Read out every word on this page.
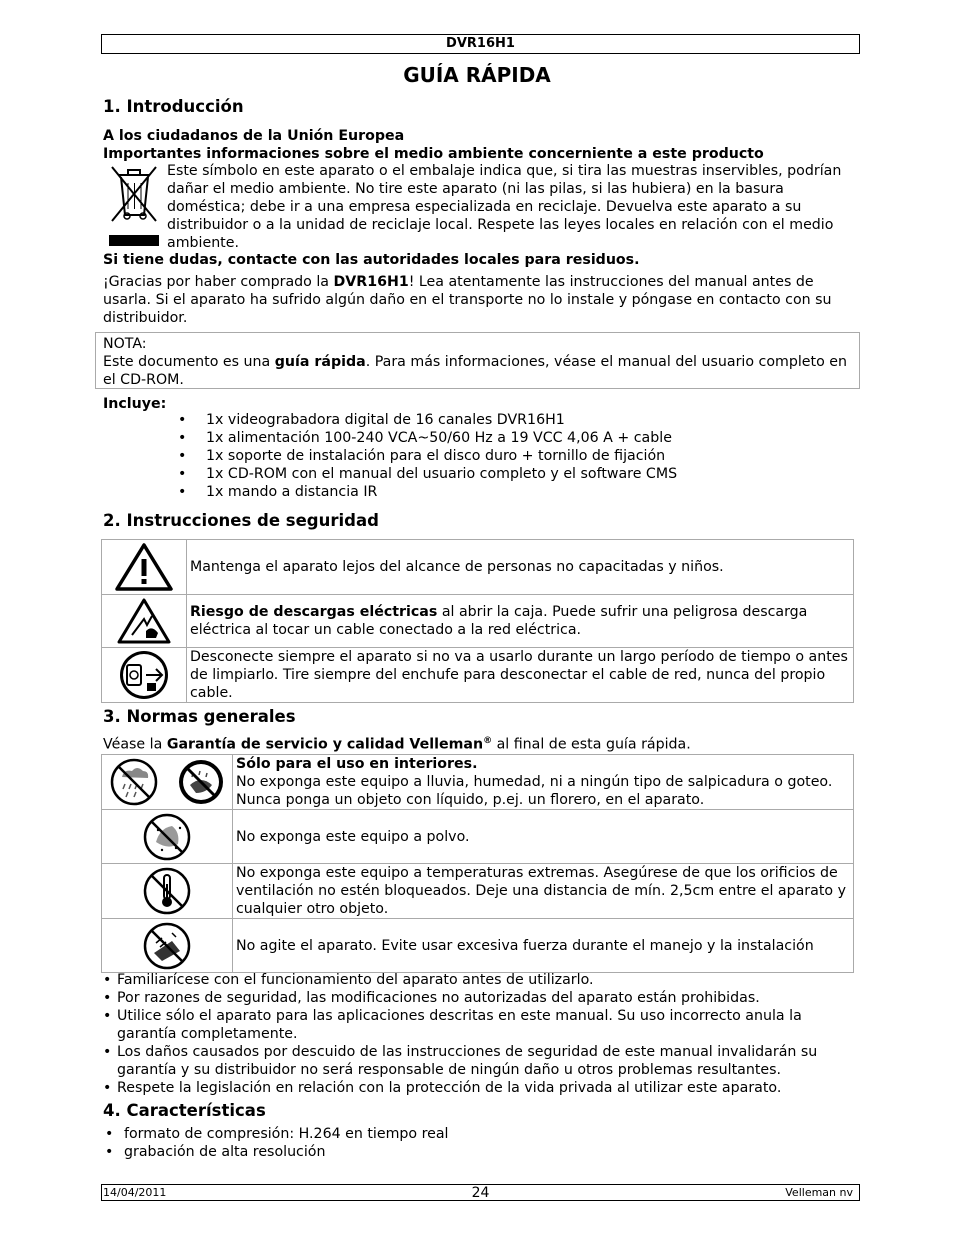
DVR16H1
GUÍA RÁPIDA
1. Introducción

A los ciudadanos de la Unión Europea

Importantes informaciones sobre el medio ambiente concerniente a este producto

Este símbolo en este aparato o el embalaje indica que, si tira las muestras inservibles, podrían dañar el medio ambiente. No tire este aparato (ni las pilas, si las hubiera) en la basura doméstica; debe ir a una empresa especializada en reciclaje. Devuelva este aparato a su distribuidor o a la unidad de reciclaje local. Respete las leyes locales en relación con el medio ambiente.

Si tiene dudas, contacte con las autoridades locales para residuos.

¡Gracias por haber comprado la DVR16H1! Lea atentamente las instrucciones del manual antes de usarla. Si el aparato ha sufrido algún daño en el transporte no lo instale y póngase en contacto con su distribuidor.

NOTA:
Este documento es una guía rápida. Para más informaciones, véase el manual del usuario completo en el CD-ROM.

Incluye:

• 1x videograbadora digital de 16 canales DVR16H1
• 1x alimentación 100-240 VCA~50/60 Hz a 19 VCC 4,06 A + cable
• 1x soporte de instalación para el disco duro + tornillo de fijación
• 1x CD-ROM con el manual del usuario completo y el software CMS
• 1x mando a distancia IR
2. Instrucciones de seguridad
	Mantenga el aparato lejos del alcance de personas no capacitadas y niños.

	Riesgo de descargas eléctricas al abrir la caja. Puede sufrir una peligrosa descarga eléctrica al tocar un cable conectado a la red eléctrica.

	Desconecte siempre el aparato si no va a usarlo durante un largo período de tiempo o antes de limpiarlo. Tire siempre del enchufe para desconectar el cable de red, nunca del propio cable.
3. Normas generales

Véase la Garantía de servicio y calidad Velleman® al final de esta guía rápida.

Sólo para el uso en interiores.
No exponga este equipo a lluvia, humedad, ni a ningún tipo de salpicadura o goteo. Nunca ponga un objeto con líquido, p.ej. un florero, en el aparato.

	No exponga este equipo a polvo.

	No exponga este equipo a temperaturas extremas. Asegúrese de que los orificios de ventilación no estén bloqueados. Deje una distancia de mín. 2,5cm entre el aparato y cualquier otro objeto.

	No agite el aparato. Evite usar excesiva fuerza durante el manejo y la instalación
• Familiarícese con el funcionamiento del aparato antes de utilizarlo.
• Por razones de seguridad, las modificaciones no autorizadas del aparato están prohibidas.
• Utilice sólo el aparato para las aplicaciones descritas en este manual. Su uso incorrecto anula la garantía completamente.
• Los daños causados por descuido de las instrucciones de seguridad de este manual invalidarán su garantía y su distribuidor no será responsable de ningún daño u otros problemas resultantes.
• Respete la legislación en relación con la protección de la vida privada al utilizar este aparato.
4. Características
• formato de compresión: H.264 en tiempo real
• grabación de alta resolución
14/04/2011	24	Velleman nv
